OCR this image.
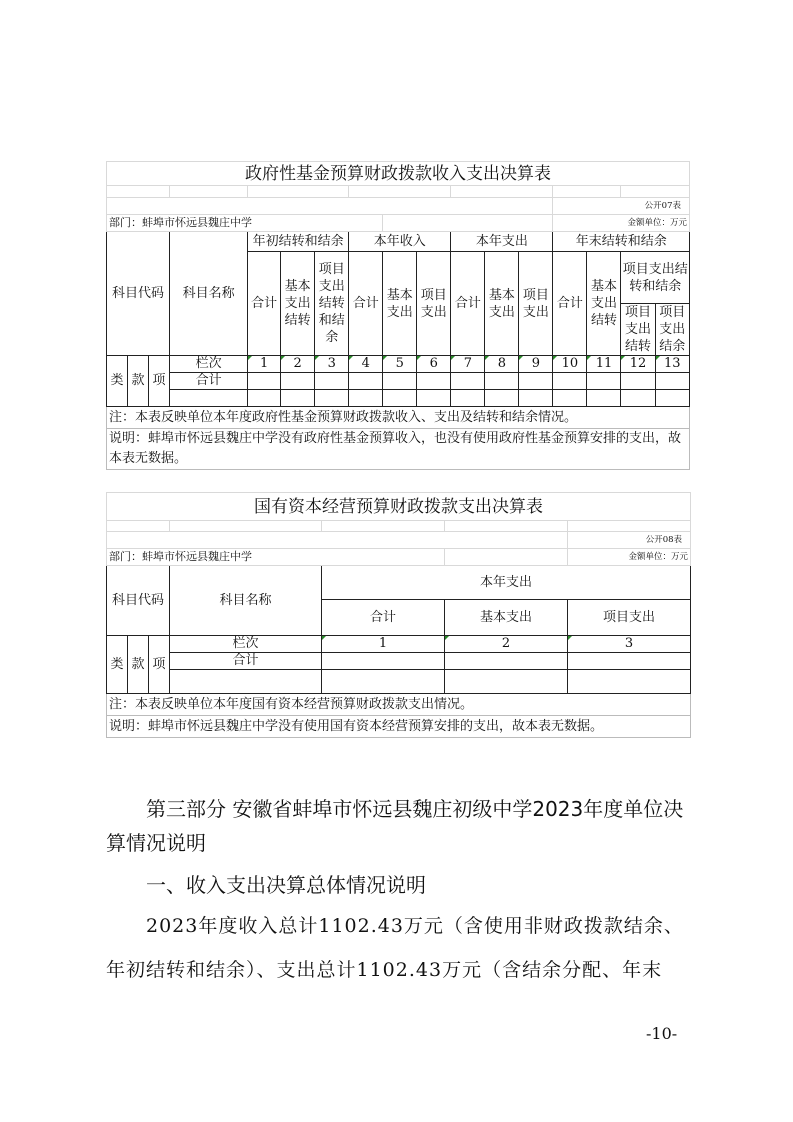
政府性基金预算财政拨款收入支出决算表																

													公开07表			
部门：蚌埠市怀远县魏庄中学													金额单位：万元			
科目代码			科目名称	年初结转和结余			本年收入			本年支出			年末结转和结余			
				合计	基本支出结转	项目支出结转和结余	合计	基本支出	项目支出	合计	基本支出	项目支出	合计	基本支出结转	项目支出结转和结余	
															项目支出结转	项目支出结余

类	款	项	栏次	1	2	3	4	5	6	7	8	9	10	11	12	13
			合计													

注：本表反映单位本年度政府性基金预算财政拨款收入、支出及结转和结余情况。																
说明：蚌埠市怀远县魏庄中学没有政府性基金预算收入，也没有使用政府性基金预算安排的支出，故本表无数据。																
国有资本经营预算财政拨款支出决算表						

						公开08表
部门：蚌埠市怀远县魏庄中学						金额单位：万元
科目代码			科目名称	本年支出		
				合计	基本支出	项目支出
类	款	项	栏次	1	2	3
			合计			

注：本表反映单位本年度国有资本经营预算财政拨款支出情况。						
说明：蚌埠市怀远县魏庄中学没有使用国有资本经营预算安排的支出，故本表无数据。						

第三部分 安徽省蚌埠市怀远县魏庄初级中学2023年度单位决算情况说明

一、收入支出决算总体情况说明

2023年度收入总计1102.43万元（含使用非财政拨款结余、年初结转和结余）、支出总计1102.43万元（含结余分配、年末

-10-
